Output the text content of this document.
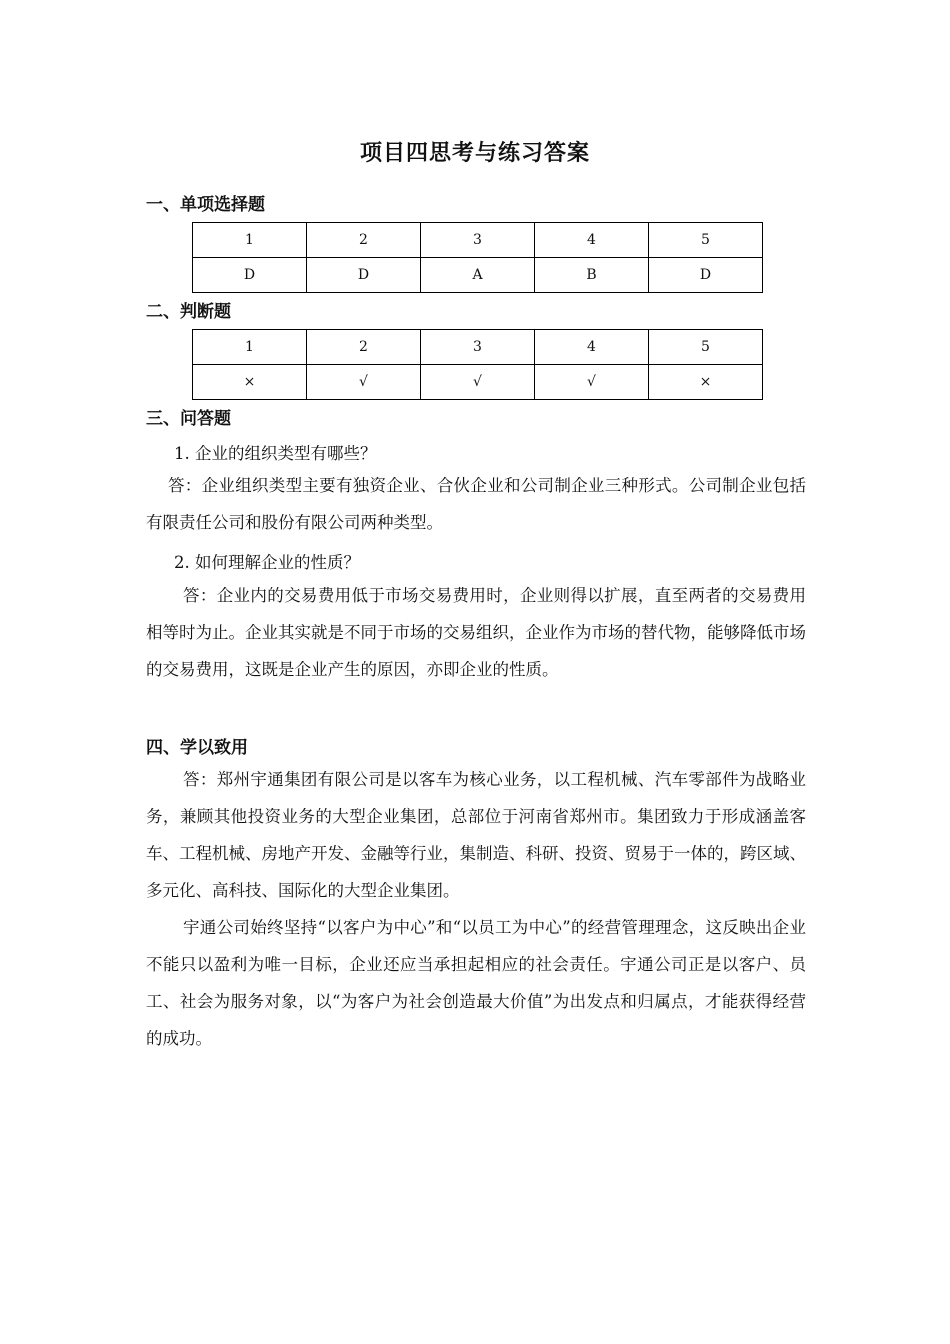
项目四思考与练习答案
一、单项选择题
1	2	3	4	5
D	D	A	B	D
二、判断题
1	2	3	4	5
×	√	√	√	×
三、问答题
1. 企业的组织类型有哪些？

答：企业组织类型主要有独资企业、合伙企业和公司制企业三种形式。公司制企业包括有限责任公司和股份有限公司两种类型。

2. 如何理解企业的性质？

答：企业内的交易费用低于市场交易费用时，企业则得以扩展，直至两者的交易费用相等时为止。企业其实就是不同于市场的交易组织，企业作为市场的替代物，能够降低市场的交易费用，这既是企业产生的原因，亦即企业的性质。

四、学以致用

答：郑州宇通集团有限公司是以客车为核心业务，以工程机械、汽车零部件为战略业务，兼顾其他投资业务的大型企业集团，总部位于河南省郑州市。集团致力于形成涵盖客车、工程机械、房地产开发、金融等行业，集制造、科研、投资、贸易于一体的，跨区域、多元化、高科技、国际化的大型企业集团。

宇通公司始终坚持“以客户为中心”和“以员工为中心”的经营管理理念，这反映出企业不能只以盈利为唯一目标，企业还应当承担起相应的社会责任。宇通公司正是以客户、员工、社会为服务对象，以“为客户为社会创造最大价值”为出发点和归属点，才能获得经营的成功。
